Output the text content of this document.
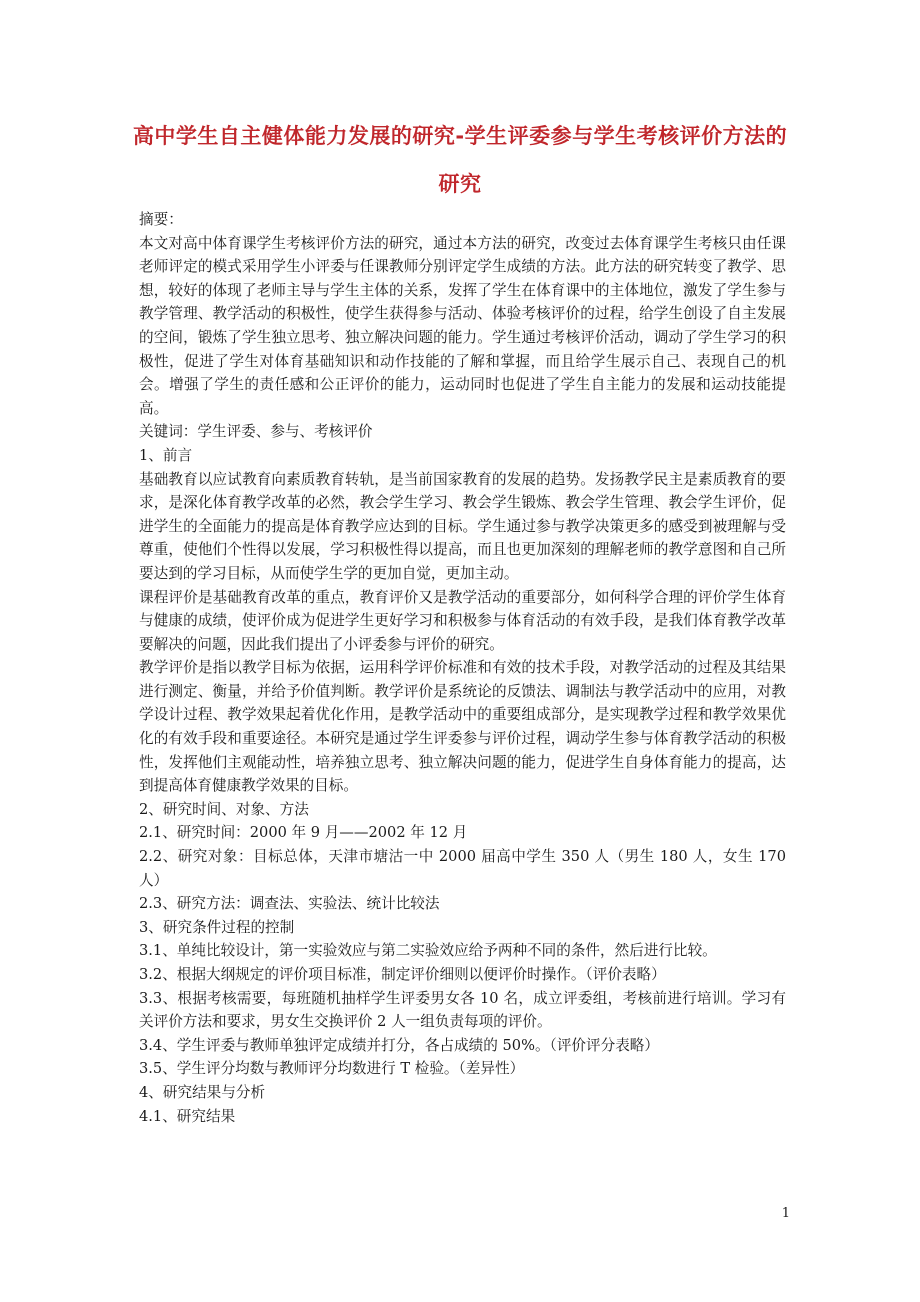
高中学生自主健体能力发展的研究-学生评委参与学生考核评价方法的研究

摘要：

本文对高中体育课学生考核评价方法的研究，通过本方法的研究，改变过去体育课学生考核只由任课老师评定的模式采用学生小评委与任课教师分别评定学生成绩的方法。此方法的研究转变了教学、思想，较好的体现了老师主导与学生主体的关系，发挥了学生在体育课中的主体地位，激发了学生参与教学管理、教学活动的积极性，使学生获得参与活动、体验考核评价的过程，给学生创设了自主发展的空间，锻炼了学生独立思考、独立解决问题的能力。学生通过考核评价活动，调动了学生学习的积极性，促进了学生对体育基础知识和动作技能的了解和掌握，而且给学生展示自己、表现自己的机会。增强了学生的责任感和公正评价的能力，运动同时也促进了学生自主能力的发展和运动技能提高。

关键词：学生评委、参与、考核评价

1、前言

基础教育以应试教育向素质教育转轨，是当前国家教育的发展的趋势。发扬教学民主是素质教育的要求，是深化体育教学改革的必然，教会学生学习、教会学生锻炼、教会学生管理、教会学生评价，促进学生的全面能力的提高是体育教学应达到的目标。学生通过参与教学决策更多的感受到被理解与受尊重，使他们个性得以发展，学习积极性得以提高，而且也更加深刻的理解老师的教学意图和自己所要达到的学习目标，从而使学生学的更加自觉，更加主动。

课程评价是基础教育改革的重点，教育评价又是教学活动的重要部分，如何科学合理的评价学生体育与健康的成绩，使评价成为促进学生更好学习和积极参与体育活动的有效手段，是我们体育教学改革要解决的问题，因此我们提出了小评委参与评价的研究。

教学评价是指以教学目标为依据，运用科学评价标准和有效的技术手段，对教学活动的过程及其结果进行测定、衡量，并给予价值判断。教学评价是系统论的反馈法、调制法与教学活动中的应用，对教学设计过程、教学效果起着优化作用，是教学活动中的重要组成部分，是实现教学过程和教学效果优化的有效手段和重要途径。本研究是通过学生评委参与评价过程，调动学生参与体育教学活动的积极性，发挥他们主观能动性，培养独立思考、独立解决问题的能力，促进学生自身体育能力的提高，达到提高体育健康教学效果的目标。

2、研究时间、对象、方法

2.1、研究时间：2000 年 9 月——2002 年 12 月

2.2、研究对象：目标总体，天津市塘沽一中 2000 届高中学生 350 人（男生 180 人，女生 170 人）

2.3、研究方法：调查法、实验法、统计比较法

3、研究条件过程的控制

3.1、单纯比较设计，第一实验效应与第二实验效应给予两种不同的条件，然后进行比较。

3.2、根据大纲规定的评价项目标准，制定评价细则以便评价时操作。（评价表略）

3.3、根据考核需要，每班随机抽样学生评委男女各 10 名，成立评委组，考核前进行培训。学习有关评价方法和要求，男女生交换评价 2 人一组负责每项的评价。

3.4、学生评委与教师单独评定成绩并打分，各占成绩的 50%。（评价评分表略）

3.5、学生评分均数与教师评分均数进行 T 检验。（差异性）

4、研究结果与分析

4.1、研究结果

1
